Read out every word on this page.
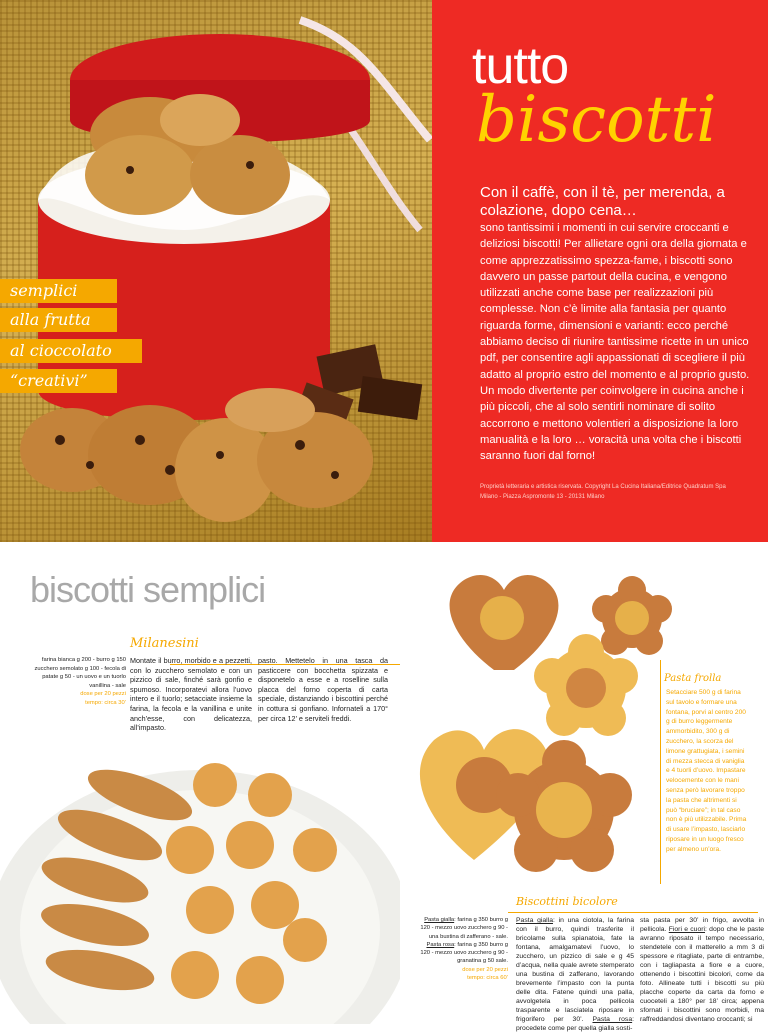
semplici
alla frutta
al cioccolato
“creativi”
tutto
biscotti
Con il caffè, con il tè, per merenda, a colazione, dopo cena…
sono tantissimi i momenti in cui servire croccanti e deliziosi biscotti! Per allietare ogni ora della giornata e come apprezzatissimo spezza-fame, i biscotti sono davvero un passe partout della cucina, e vengono utilizzati anche come base per realizzazioni più complesse. Non c’è limite alla fantasia per quanto riguarda forme, dimensioni e varianti: ecco perché abbiamo deciso di riunire tantissime ricette in un unico pdf, per consentire agli appassionati di scegliere il più adatto al proprio estro del momento e al proprio gusto. Un modo divertente per coinvolgere in cucina anche i più piccoli, che al solo sentirli nominare di solito accorrono e mettono volentieri a disposizione la loro manualità e la loro … voracità una volta che i biscotti saranno fuori dal forno!
Proprietà letteraria e artistica riservata. Copyright La Cucina Italiana/Editrice Quadratum Spa Milano - Piazza Aspromonte 13 - 20131 Milano
biscotti semplici
Milanesini
farina bianca g 200 - burro g 150 zucchero semolato g 100 - fecola di patate g 50 - un uovo e un tuorlo vanillina - sale
dose per 20 pezzi
tempo: circa 30’
Montate il burro, morbido e a pezzetti, con lo zucchero semolato e con un pizzico di sale, finché sarà gonfio e spumoso. Incorporatevi allora l’uovo intero e il tuorlo; setacciate insieme la farina, la fecola e la vanillina e unite anch’esse, con delicatezza, all’impasto.
pasto. Mettetelo in una tasca da pasticcere con bocchetta spizzata e disponetelo a esse e a roselline sulla placca del forno coperta di carta speciale, distanziando i biscottini perché in cottura si gonfiano. Infornateli a 170° per circa 12’ e serviteli freddi.
Pasta frolla
Setacciare 500 g di farina sul tavolo e formare una fontana, porvi al centro 200 g di burro leggermente ammorbidito, 300 g di zucchero, la scorza del limone grattugiata, i semini di mezza stecca di vaniglia e 4 tuorli d’uovo. Impastare velocemente con le mani senza però lavorare troppo la pasta che altrimenti si può “bruciare”; in tal caso non è più utilizzabile. Prima di usare l’impasto, lasciarlo riposare in un luogo fresco per almeno un’ora.
Biscottini bicolore
Pasta gialla: farina g 350 burro g 120 - mezzo uovo zucchero g 90 - una bustina di zafferano - sale.
Pasta rosa: farina g 350 burro g 120 - mezzo uovo zucchero g 90 - granatina g 50 sale.
dose per 20 pezzi
tempo: circa 60’
Pasta gialla: in una ciotola, la farina con il burro, quindi trasferite il bricolame sulla spianatoia, fate la fontana, amalgamatevi l’uovo, lo zucchero, un pizzico di sale e g 45 d’acqua, nella quale avrete stemperato una bustina di zafferano, lavorando brevemente l’impasto con la punta delle dita. Fatene quindi una palla, avvolgetela in poca pellicola trasparente e lasciatela riposare in frigorifero per 30’. Pasta rosa: procedete come per quella gialla sosti-
sta pasta per 30’ in frigo, avvolta in pellicola. Fiori e cuori: dopo che le paste avranno riposato il tempo necessario, stendetele con il matterello a mm 3 di spessore e ritagliate, parte di entrambe, con i tagliapasta a fiore e a cuore, ottenendo i biscottini bicolori, come da foto. Allineate tutti i biscotti su più placche coperte da carta da forno e cuoceteli a 180° per 18’ circa; appena sfornati i biscottini sono morbidi, ma raffreddandosi diventano croccanti; si
